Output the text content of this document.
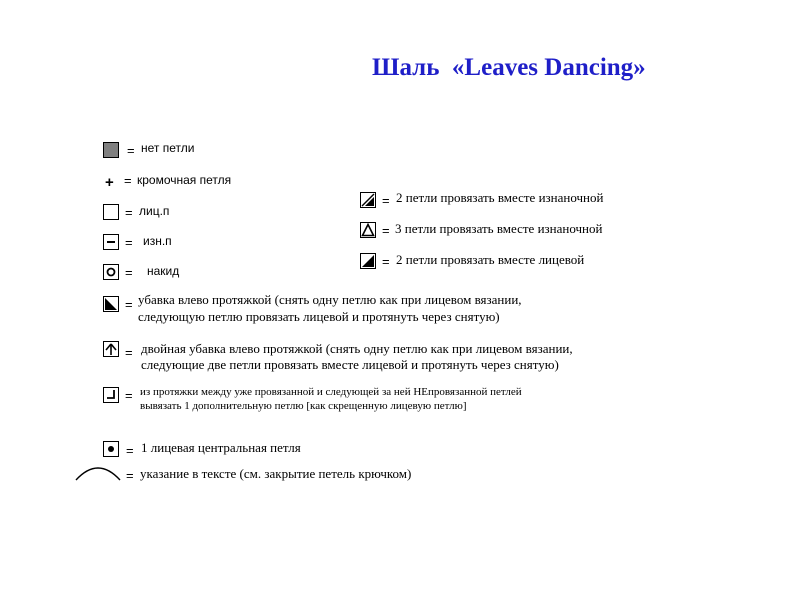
Шаль  «Leaves Dancing»
= нет петли
+ = кромочная петля
= лиц.п
= изн.п
= накид
= убавка влево протяжкой (снять одну петлю как при лицевом вязании,
следующую петлю провязать лицевой и протянуть через снятую)
= двойная убавка влево протяжкой (снять одну петлю как при лицевом вязании,
следующие две петли провязать вместе лицевой и протянуть через снятую)
= из протяжки между уже провязанной и следующей за ней НЕпровязанной петлей
вывязать 1 дополнительную петлю [как скрещенную лицевую петлю]
= 1 лицевая центральная петля
= указание в тексте (см. закрытие петель крючком)
= 2 петли провязать вместе изнаночной
= 3 петли провязать вместе изнаночной
= 2 петли провязать вместе лицевой
